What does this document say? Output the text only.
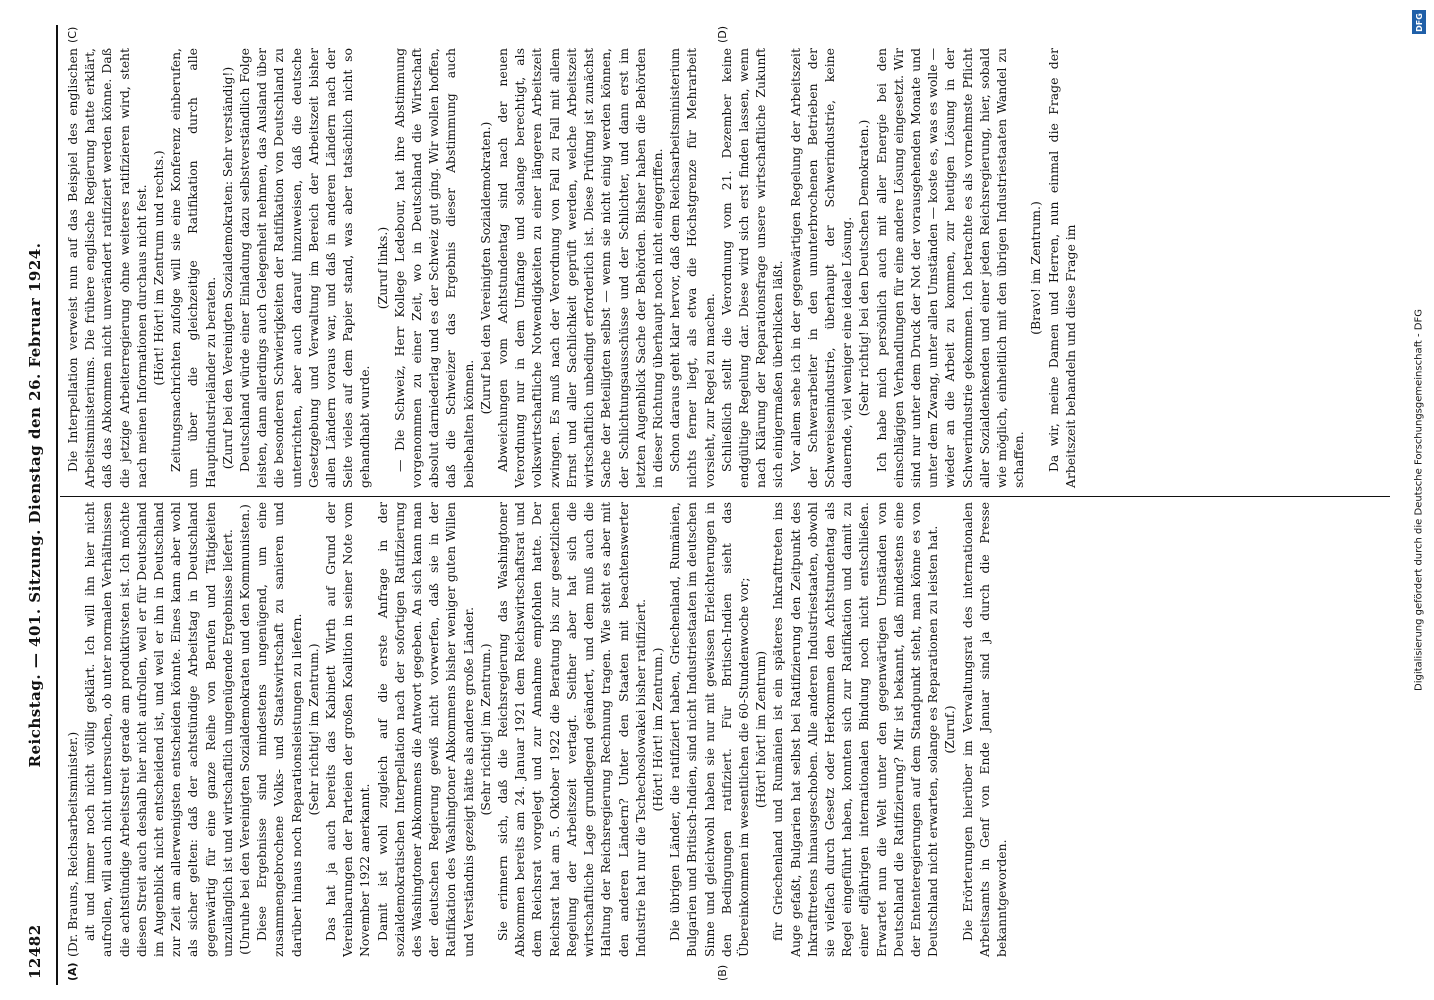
12482
Reichstag. — 401. Sitzung. Dienstag den 26. Februar 1924.
(A)	(B)
(C)	(D)

(Dr. Brauns, Reichsarbeitsminister.) alt und immer noch nicht völlig geklärt. Ich will ihn hier nicht aufrollen, will auch nicht untersuchen, ob unter normalen Verhältnissen die achtstündige Arbeitsstreit gerade am produktivsten ist. Ich möchte diesen Streit auch deshalb hier nicht aufrollen, weil er für Deutschland im Augenblick nicht entscheidend ist, und weil er ihn in Deutschland zur Zeit am allerwenigsten entscheiden könnte. Eines kann aber wohl als sicher gelten: daß der achtstündige Arbeitstag in Deutschland gegenwärtig für eine ganze Reihe von Berufen und Tätigkeiten unzulänglich ist und wirtschaftlich ungenügende Ergebnisse liefert. (Unruhe bei den Vereinigten Sozialdemokraten und den Kommunisten.) Diese Ergebnisse sind mindestens ungenügend, um eine zusammengebrochene Volks- und Staatswirtschaft zu sanieren und darüber hinaus noch Reparationsleistungen zu liefern. (Sehr richtig! im Zentrum.) Das hat ja auch bereits das Kabinett Wirth auf Grund der Vereinbarungen der Parteien der großen Koalition in seiner Note vom November 1922 anerkannt. Damit ist wohl zugleich auf die erste Anfrage in der sozialdemokratischen Interpellation nach der sofortigen Ratifizierung des Washingtoner Abkommens die Antwort gegeben. An sich kann man der deutschen Regierung gewiß nicht vorwerfen, daß sie in der Ratifikation des Washingtoner Abkommens bisher weniger guten Willen und Verständnis gezeigt hätte als andere große Länder. (Sehr richtig! im Zentrum.) Sie erinnern sich, daß die Reichsregierung das Washingtoner Abkommen bereits am 24. Januar 1921 dem Reichswirtschaftsrat und dem Reichsrat vorgelegt und zur Annahme empfohlen hatte. Der Reichsrat hat am 5. Oktober 1922 die Beratung bis zur gesetzlichen Regelung der Arbeitszeit vertagt. Seither aber hat sich die wirtschaftliche Lage grundlegend geändert, und dem muß auch die Haltung der Reichsregierung Rechnung tragen. Wie steht es aber mit den anderen Ländern? Unter den Staaten mit beachtenswerter Industrie hat nur die Tschechoslowakei bisher ratifiziert. (Hört! Hört! im Zentrum.) Die übrigen Länder, die ratifiziert haben, Griechenland, Rumänien, Bulgarien und Britisch-Indien, sind nicht Industriestaaten im deutschen Sinne und gleichwohl haben sie nur mit gewissen Erleichterungen in den Bedingungen ratifiziert. Für Britisch-Indien sieht das Übereinkommen im wesentlichen die 60-Stundenwoche vor; (Hört! hört! im Zentrum) für Griechenland und Rumänien ist ein späteres Inkrafttreten ins Auge gefaßt, Bulgarien hat selbst bei Ratifizierung den Zeitpunkt des Inkrafttretens hinausgeschoben. Alle anderen Industriestaaten, obwohl sie vielfach durch Gesetz oder Herkommen den Achtstundentag als Regel eingeführt haben, konnten sich zur Ratifikation und damit zu einer elfjährigen internationalen Bindung noch nicht entschließen. Erwartet nun die Welt unter den gegenwärtigen Umständen von Deutschland die Ratifizierung? Mir ist bekannt, daß mindestens eine der Ententeregierungen auf dem Standpunkt steht, man könne es von Deutschland nicht erwarten, solange es Reparationen zu leisten hat. (Zuruf.) Die Erörterungen hierüber im Verwaltungsrat des internationalen Arbeitsamts in Genf von Ende Januar sind ja durch die Presse bekanntgeworden.

Die Interpellation verweist nun auf das Beispiel des englischen Arbeitsministeriums. Die frühere englische Regierung hatte erklärt, daß das Abkommen nicht unverändert ratifiziert werden könne. Daß die jetzige Arbeiterregierung ohne weiteres ratifizieren wird, steht nach meinen Informationen durchaus nicht fest. (Hört! Hört! im Zentrum und rechts.) Zeitungsnachrichten zufolge will sie eine Konferenz einberufen, um über die gleichzeitige Ratifikation durch alle Hauptindustrieländer zu beraten. (Zuruf bei den Vereinigten Sozialdemokraten: Sehr verständig!) Deutschland würde einer Einladung dazu selbstverständlich Folge leisten, dann allerdings auch Gelegenheit nehmen, das Ausland über die besonderen Schwierigkeiten der Ratifikation von Deutschland zu unterrichten, aber auch darauf hinzuweisen, daß die deutsche Gesetzgebung und Verwaltung im Bereich der Arbeitszeit bisher allen Ländern voraus war, und daß in anderen Ländern nach der Seite vieles auf dem Papier stand, was aber tatsächlich nicht so gehandhabt wurde.

(Zuruf links.) — Die Schweiz, Herr Kollege Ledebour, hat ihre Abstimmung vorgenommen zu einer Zeit, wo in Deutschland die Wirtschaft absolut darniederlag und es der Schweiz gut ging. Wir wollen hoffen, daß die Schweizer das Ergebnis dieser Abstimmung auch beibehalten können.

(Zuruf bei den Vereinigten Sozialdemokraten.) Abweichungen vom Achtstundentag sind nach der neuen Verordnung nur in dem Umfange und solange berechtigt, als volkswirtschaftliche Notwendigkeiten zu einer längeren Arbeitszeit zwingen. Es muß nach der Verordnung von Fall zu Fall mit allem Ernst und aller Sachlichkeit geprüft werden, welche Arbeitszeit wirtschaftlich unbedingt erforderlich ist. Diese Prüfung ist zunächst Sache der Beteiligten selbst — wenn sie nicht einig werden können, der Schlichtungsausschüsse und der Schlichter, und dann erst im letzten Augenblick Sache der Behörden. Bisher haben die Behörden in dieser Richtung überhaupt noch nicht eingegriffen. Schon daraus geht klar hervor, daß dem Reichsarbeitsministerium nichts ferner liegt, als etwa die Höchstgrenze für Mehrarbeit vorsieht, zur Regel zu machen. Schließlich stellt die Verordnung vom 21. Dezember keine endgültige Regelung dar. Diese wird sich erst finden lassen, wenn nach Klärung der Reparationsfrage unsere wirtschaftliche Zukunft sich einigermaßen überblicken läßt. Vor allem sehe ich in der gegenwärtigen Regelung der Arbeitszeit der Schwerarbeiter in den ununterbrochenen Betrieben der Schwereisenindustrie, überhaupt der Schwerindustrie, keine dauernde, viel weniger eine ideale Lösung. (Sehr richtig! bei den Deutschen Demokraten.) Ich habe mich persönlich auch mit aller Energie bei den einschlägigen Verhandlungen für eine andere Lösung eingesetzt. Wir sind nur unter dem Druck der Not der vorausgehenden Monate und unter dem Zwang, unter allen Umständen — koste es, was es wolle — wieder an die Arbeit zu kommen, zur heutigen Lösung in der Schwerindustrie gekommen. Ich betrachte es als vornehmste Pflicht aller Sozialdenkenden und einer jeden Reichsregierung, hier, sobald wie möglich, einheitlich mit den übrigen Industriestaaten Wandel zu schaffen.

(Bravo! im Zentrum.) Da wir, meine Damen und Herren, nun einmal die Frage der Arbeitszeit behandeln und diese Frage im

DFG
Digitalisierung gefördert durch die Deutsche Forschungsgemeinschaft - DFG
